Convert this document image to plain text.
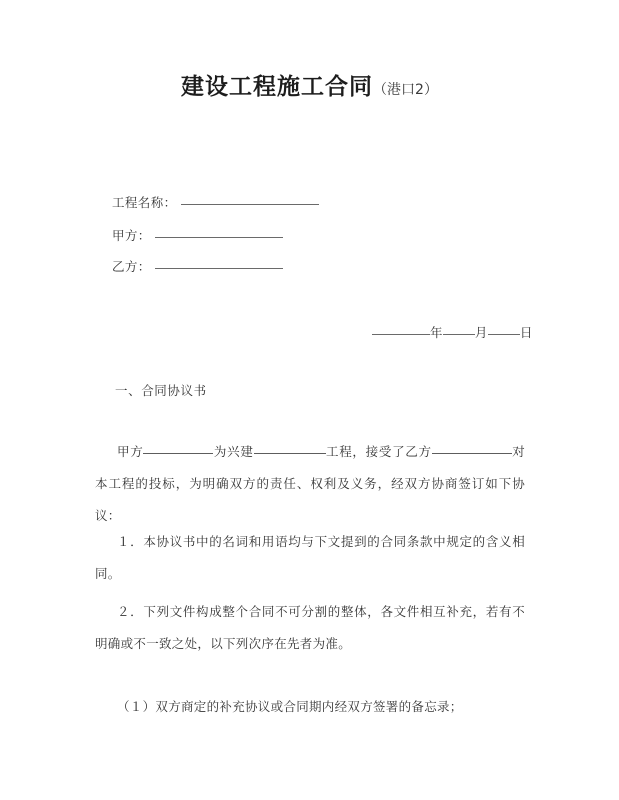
建设工程施工合同（港口2）
工程名称：
甲方：
乙方：
年	月	日
一、合同协议书
甲方	为兴建	工程，接受了乙方	对本工程的投标，为明确双方的责任、权利及义务，经双方协商签订如下协议：
１．本协议书中的名词和用语均与下文提到的合同条款中规定的含义相同。
２．下列文件构成整个合同不可分割的整体，各文件相互补充，若有不明确或不一致之处，以下列次序在先者为准。
（１）双方商定的补充协议或合同期内经双方签署的备忘录；
